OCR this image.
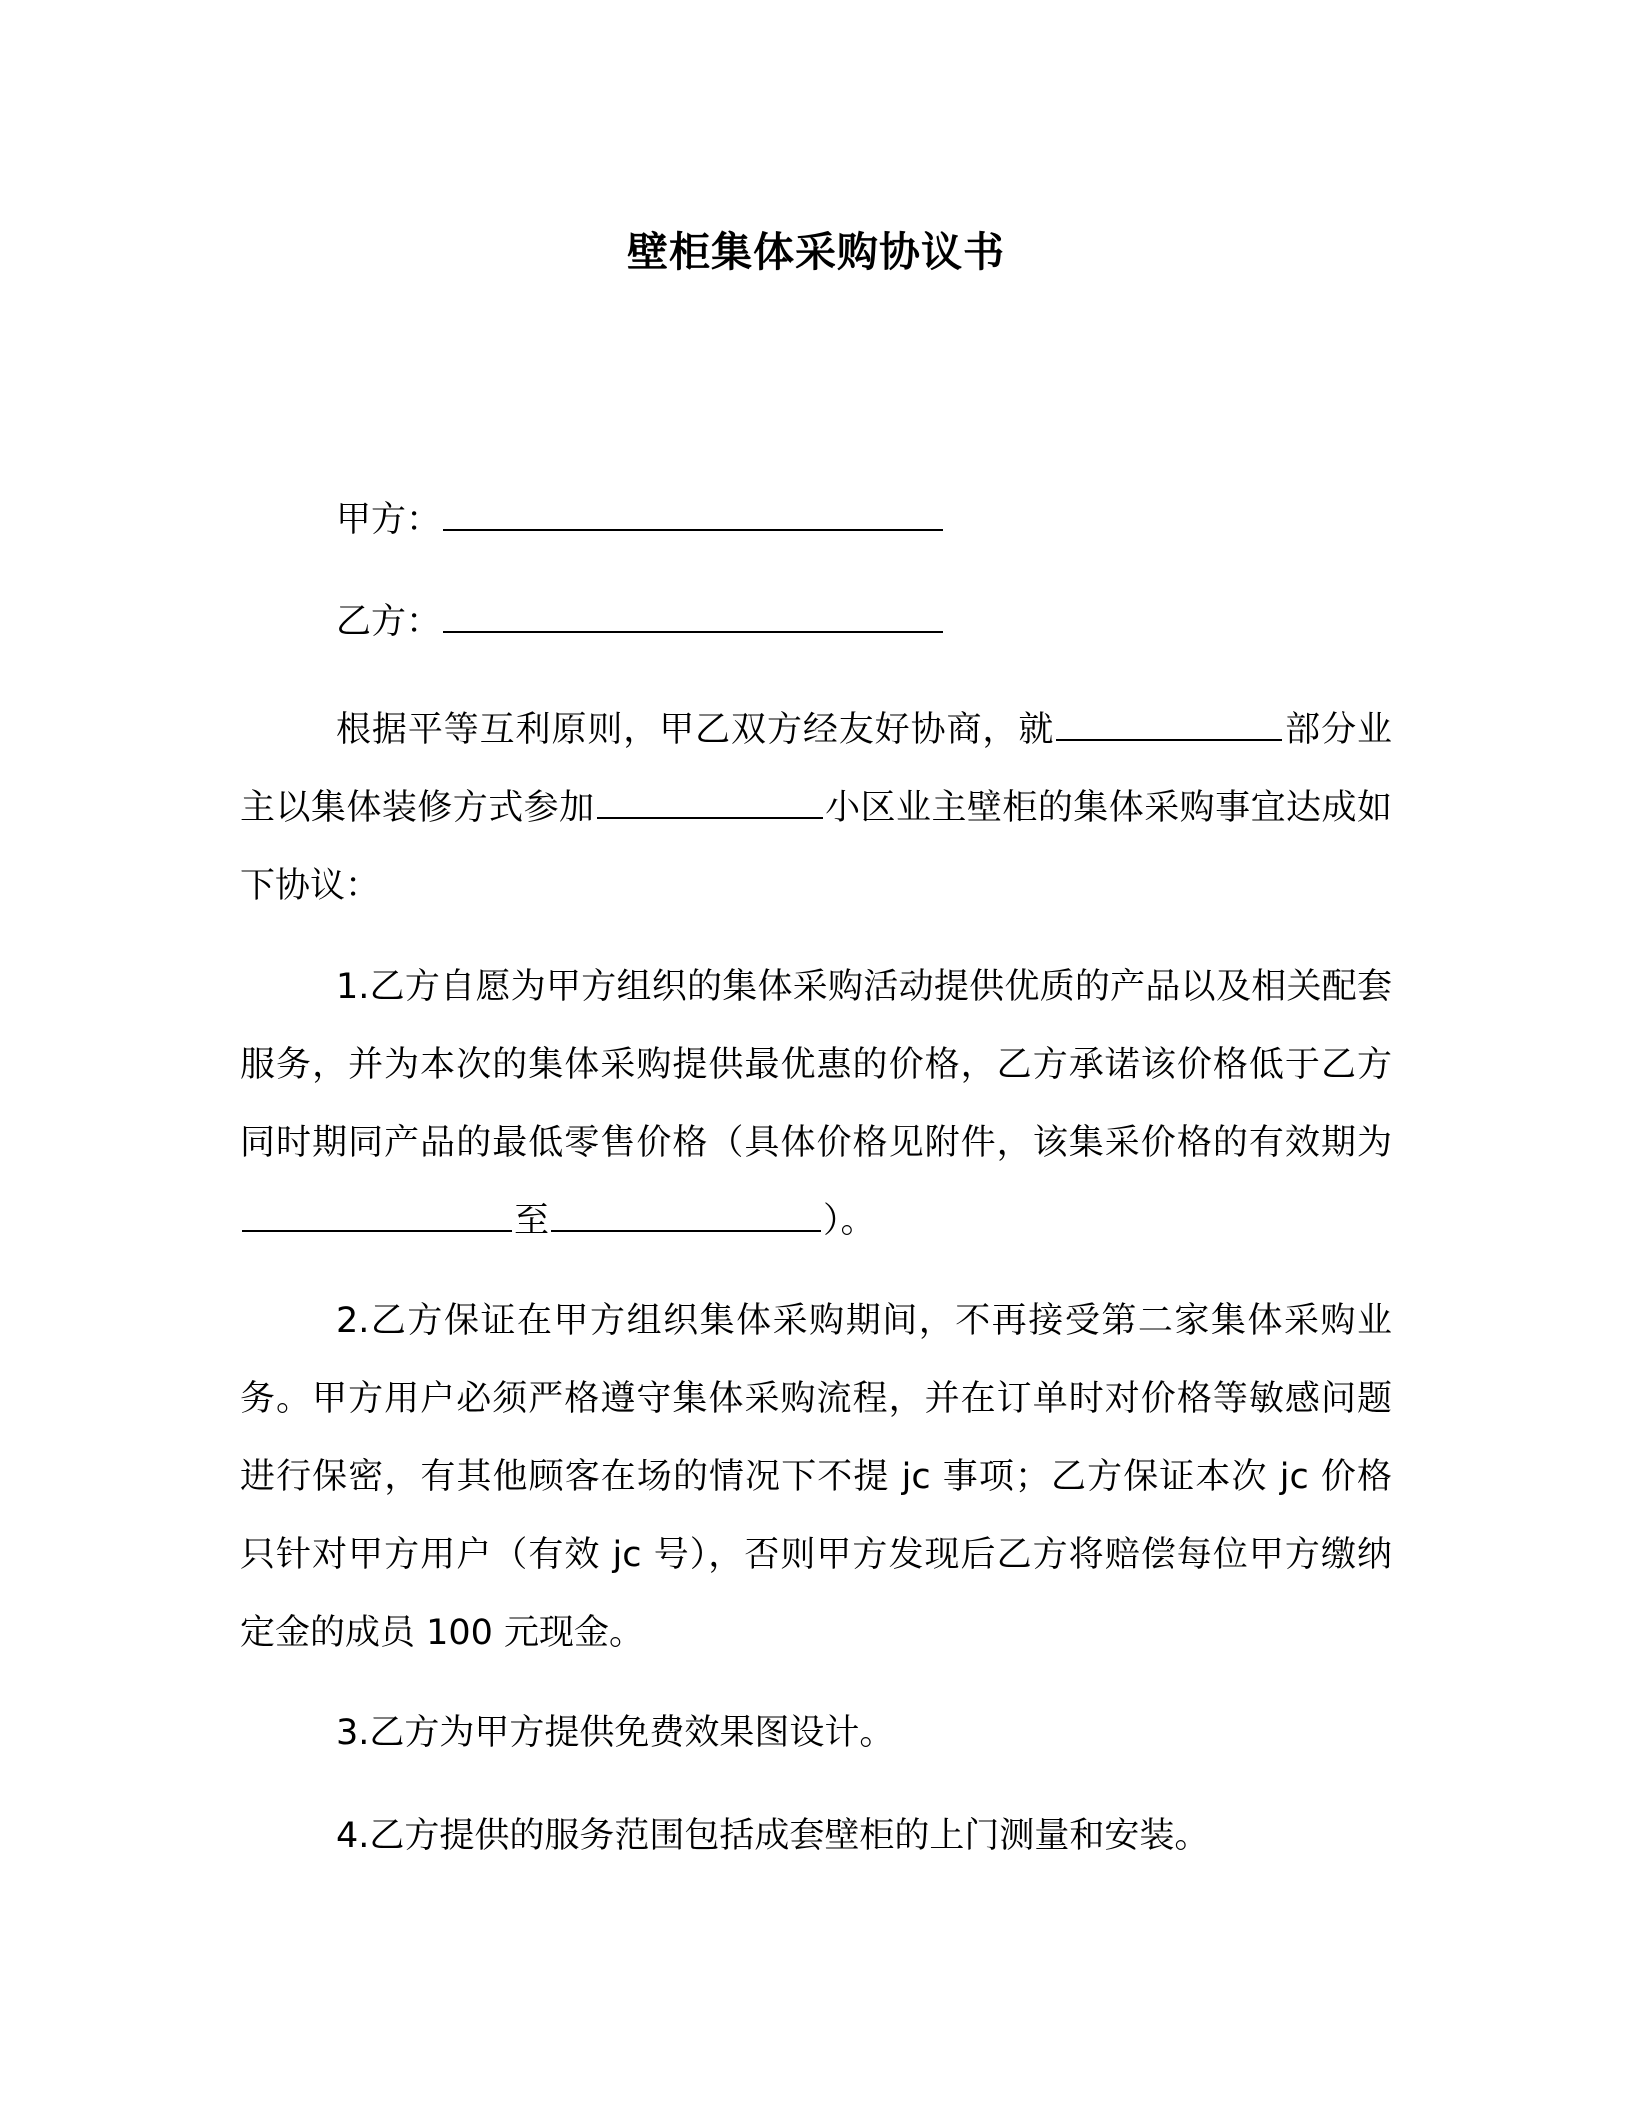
壁柜集体采购协议书

甲方：

乙方：

根据平等互利原则，甲乙双方经友好协商，就	部分业主以集体装修方式参加	小区业主壁柜的集体采购事宜达成如下协议：

1.乙方自愿为甲方组织的集体采购活动提供优质的产品以及相关配套服务，并为本次的集体采购提供最优惠的价格，乙方承诺该价格低于乙方同时期同产品的最低零售价格（具体价格见附件，该集采价格的有效期为至	）。

2.乙方保证在甲方组织集体采购期间，不再接受第二家集体采购业务。甲方用户必须严格遵守集体采购流程，并在订单时对价格等敏感问题进行保密，有其他顾客在场的情况下不提 jc 事项；乙方保证本次 jc 价格只针对甲方用户（有效 jc 号），否则甲方发现后乙方将赔偿每位甲方缴纳定金的成员 100 元现金。

3.乙方为甲方提供免费效果图设计。

4.乙方提供的服务范围包括成套壁柜的上门测量和安装。
